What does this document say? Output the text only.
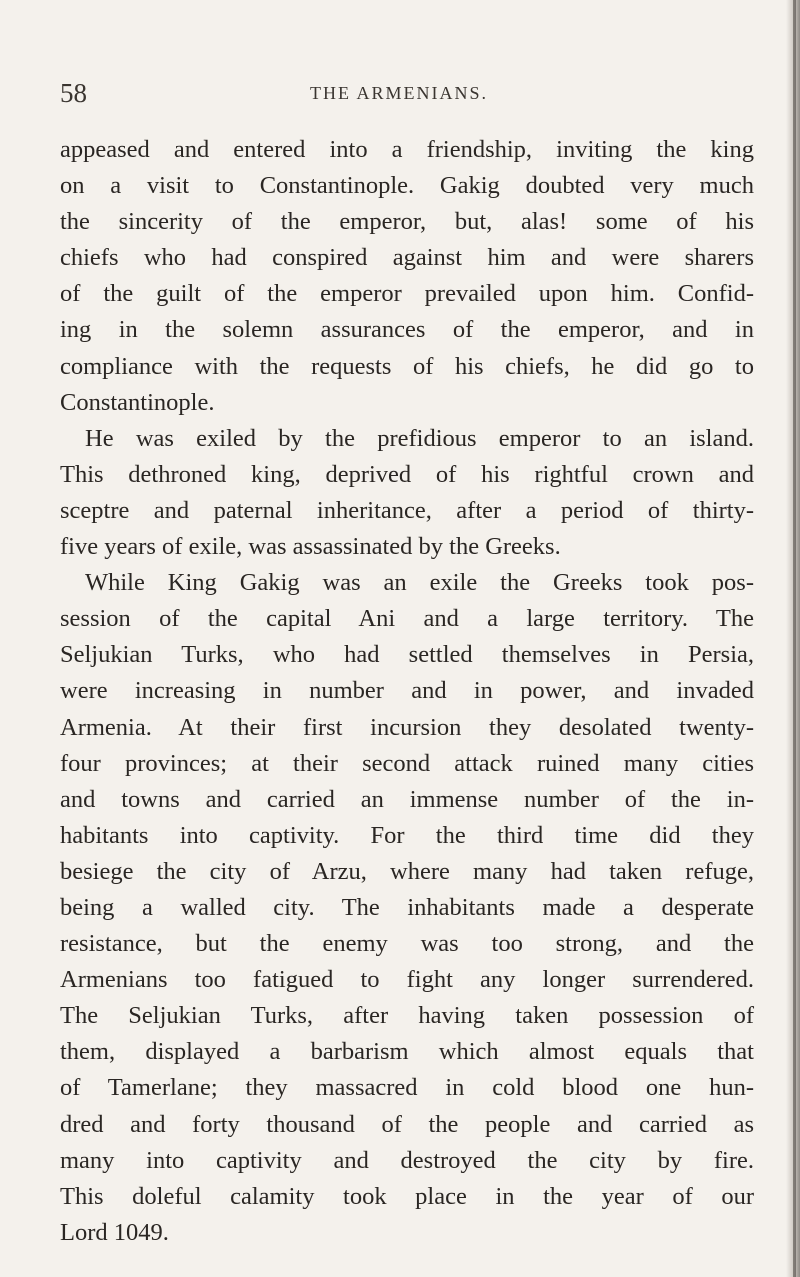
58	THE ARMENIANS.

appeased and entered into a friendship, inviting the king
on a visit to Constantinople. Gakig doubted very much
the sincerity of the emperor, but, alas! some of his
chiefs who had conspired against him and were sharers
of the guilt of the emperor prevailed upon him. Confid-
ing in the solemn assurances of the emperor, and in
compliance with the requests of his chiefs, he did go to
Constantinople.

He was exiled by the prefidious emperor to an island.
This dethroned king, deprived of his rightful crown and
sceptre and paternal inheritance, after a period of thirty-
five years of exile, was assassinated by the Greeks.

While King Gakig was an exile the Greeks took pos-
session of the capital Ani and a large territory. The
Seljukian Turks, who had settled themselves in Persia,
were increasing in number and in power, and invaded
Armenia. At their first incursion they desolated twenty-
four provinces; at their second attack ruined many cities
and towns and carried an immense number of the in-
habitants into captivity. For the third time did they
besiege the city of Arzu, where many had taken refuge,
being a walled city. The inhabitants made a desperate
resistance, but the enemy was too strong, and the
Armenians too fatigued to fight any longer surrendered.
The Seljukian Turks, after having taken possession of
them, displayed a barbarism which almost equals that
of Tamerlane; they massacred in cold blood one hun-
dred and forty thousand of the people and carried as
many into captivity and destroyed the city by fire.
This doleful calamity took place in the year of our
Lord 1049.
